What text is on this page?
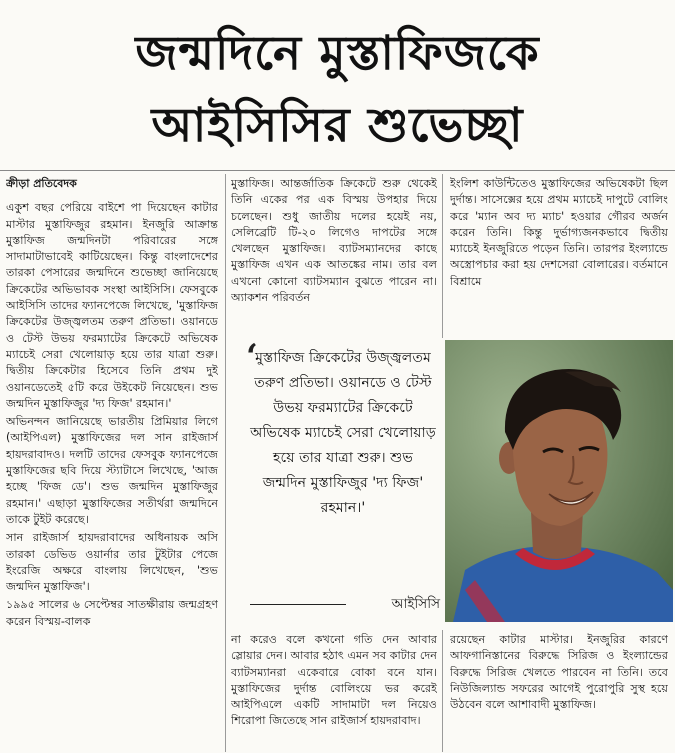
জন্মদিনে মুস্তাফিজকে
আইসিসির শুভেচ্ছা

ক্রীড়া প্রতিবেদক

একুশ বছর পেরিয়ে বাইশে পা দিয়েছেন কাটার মাস্টার মুস্তাফিজুর রহমান। ইনজুরি আক্রান্ত মুস্তাফিজ জন্মদিনটা পরিবারের সঙ্গে সাদামাটাভাবেই কাটিয়েছেন। কিন্তু বাংলাদেশের তারকা পেসারের জন্মদিনে শুভেচ্ছা জানিয়েছে ক্রিকেটের অভিভাবক সংস্থা আইসিসি। ফেসবুকে আইসিসি তাদের ফ্যানপেজে লিখেছে, 'মুস্তাফিজ ক্রিকেটের উজ্জ্বলতম তরুণ প্রতিভা। ওয়ানডে ও টেস্ট উভয় ফরম্যাটের ক্রিকেটে অভিষেক ম্যাচেই সেরা খেলোয়াড় হয়ে তার যাত্রা শুরু। দ্বিতীয় ক্রিকেটার হিসেবে তিনি প্রথম দুই ওয়ানডেতেই ৫টি করে উইকেট নিয়েছেন। শুভ জন্মদিন মুস্তাফিজুর 'দ্য ফিজ' রহমান।'

অভিনন্দন জানিয়েছে ভারতীয় প্রিমিয়ার লিগে (আইপিএল) মুস্তাফিজের দল সান রাইজার্স হায়দরাবাদও। দলটি তাদের ফেসবুক ফ্যানপেজে মুস্তাফিজের ছবি দিয়ে স্ট্যাটাসে লিখেছে, 'আজ হচ্ছে 'ফিজ ডে'। শুভ জন্মদিন মুস্তাফিজুর রহমান।' এছাড়া মুস্তাফিজের সতীর্থরা জন্মদিনে তাকে টুইট করেছে।

সান রাইজার্স হায়দরাবাদের অধিনায়ক অসি তারকা ডেভিড ওয়ার্নার তার টুইটার পেজে ইংরেজি অক্ষরে বাংলায় লিখেছেন, 'শুভ জন্মদিন মুস্তাফিজ'।

১৯৯৫ সালের ৬ সেপ্টেম্বর সাতক্ষীরায় জন্মগ্রহণ করেন বিস্ময়-বালক

মুস্তাফিজ। আন্তর্জাতিক ক্রিকেটে শুরু থেকেই তিনি একের পর এক বিস্ময় উপহার দিয়ে চলেছেন। শুধু জাতীয় দলের হয়েই নয়, সেলিব্রেটি টি-২০ লিগেও দাপটের সঙ্গে খেলছেন মুস্তাফিজ। ব্যাটসম্যানদের কাছে মুস্তাফিজ এখন এক আতঙ্কের নাম। তার বল এখনো কোনো ব্যাটসম্যান বুঝতে পারেন না। অ্যাকশন পরিবর্তন

ইংলিশ কাউন্টিতেও মুস্তাফিজের অভিষেকটা ছিল দুর্দান্ত। সাসেক্সের হয়ে প্রথম ম্যাচেই দাপুটে বোলিং করে 'ম্যান অব দ্য ম্যাচ' হওয়ার গৌরব অর্জন করেন তিনি। কিন্তু দুর্ভাগ্যজনকভাবে দ্বিতীয় ম্যাচেই ইনজুরিতে পড়েন তিনি। তারপর ইংল্যান্ডে অস্ত্রোপচার করা হয় দেশসেরা বোলারের। বর্তমানে বিশ্রামে

‘
মুস্তাফিজ ক্রিকেটের উজ্জ্বলতম তরুণ প্রতিভা। ওয়ানডে ও টেস্ট উভয় ফরম্যাটের ক্রিকেটে অভিষেক ম্যাচেই সেরা খেলোয়াড় হয়ে তার যাত্রা শুরু। শুভ জন্মদিন মুস্তাফিজুর 'দ্য ফিজ' রহমান।'
আইসিসি

না করেও বলে কখনো গতি দেন আবার স্লোয়ার দেন। আবার হঠাৎ এমন সব কাটার দেন ব্যাটসম্যানরা একেবারে বোকা বনে যান। মুস্তাফিজের দুর্দান্ত বোলিংয়ে ভর করেই আইপিএলে একটি সাদামাটা দল নিয়েও শিরোপা জিতেছে সান রাইজার্স হায়দরাবাদ।

রয়েছেন কাটার মাস্টার। ইনজুরির কারণে আফগানিস্তানের বিরুদ্ধে সিরিজ ও ইংল্যান্ডের বিরুদ্ধে সিরিজ খেলতে পারবেন না তিনি। তবে নিউজিল্যান্ড সফরের আগেই পুরোপুরি সুস্থ হয়ে উঠবেন বলে আশাবাদী মুস্তাফিজ।
